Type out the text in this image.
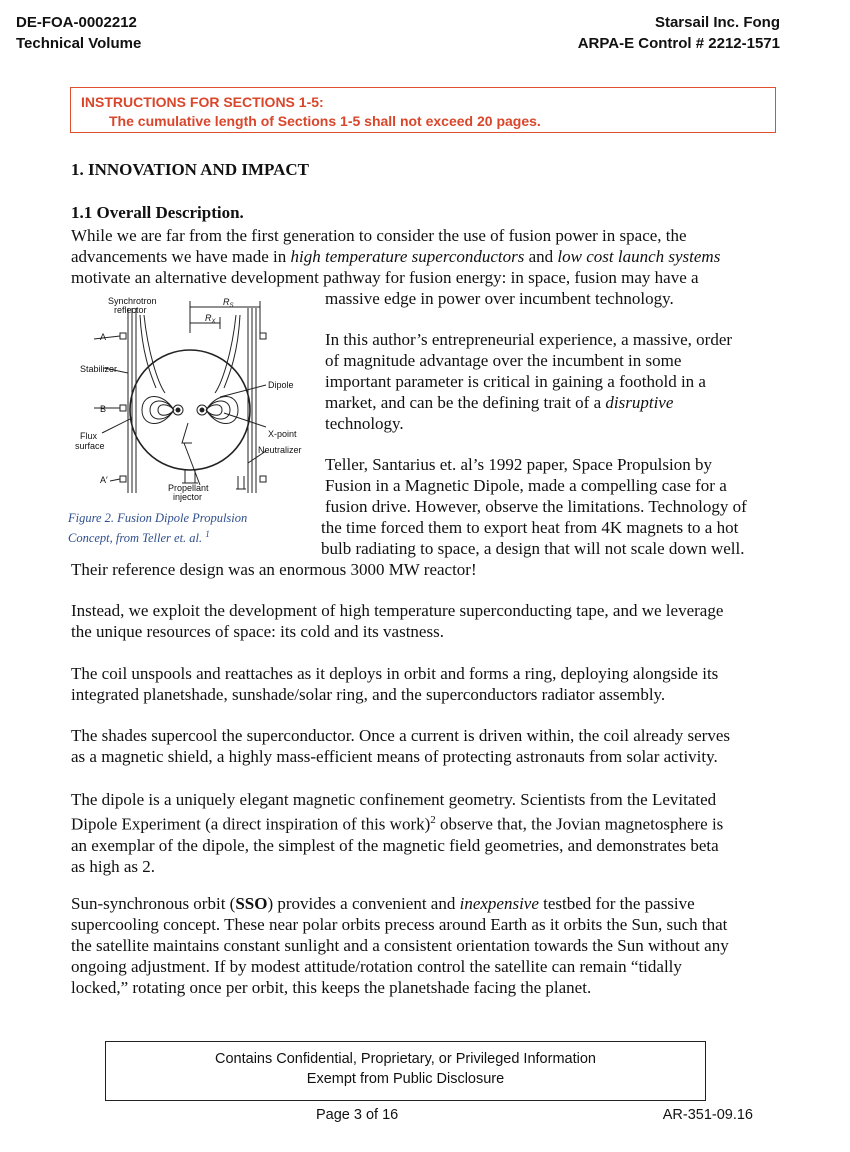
DE-FOA-0002212
Technical Volume
Starsail Inc. Fong
ARPA-E Control # 2212-1571
INSTRUCTIONS FOR SECTIONS 1-5:
The cumulative length of Sections 1-5 shall not exceed 20 pages.
1. INNOVATION AND IMPACT
1.1 Overall Description.
While we are far from the first generation to consider the use of fusion power in space, the
advancements we have made in high temperature superconductors and low cost launch systems
motivate an alternative development pathway for fusion energy: in space, fusion may have a
massive edge in power over incumbent technology.
In this author’s entrepreneurial experience, a massive, order
of magnitude advantage over the incumbent in some
important parameter is critical in gaining a foothold in a
market, and can be the defining trait of a disruptive
technology.
Teller, Santarius et. al’s 1992 paper, Space Propulsion by
Fusion in a Magnetic Dipole, made a compelling case for a
fusion drive. However, observe the limitations. Technology of
the time forced them to export heat from 4K magnets to a hot
bulb radiating to space, a design that will not scale down well.
Their reference design was an enormous 3000 MW reactor!
Synchrotron
reflector
$R_S$
$R_X$
A
Stabilizer
B
Flux
surface
A′
Dipole
X-point
Neutralizer
Propellant
injector
Figure 2. Fusion Dipole Propulsion
Concept, from Teller et. al. $^1$
Instead, we exploit the development of high temperature superconducting tape, and we leverage
the unique resources of space: its cold and its vastness.
The coil unspools and reattaches as it deploys in orbit and forms a ring, deploying alongside its
integrated planetshade, sunshade/solar ring, and the superconductors radiator assembly.
The shades supercool the superconductor. Once a current is driven within, the coil already serves
as a magnetic shield, a highly mass-efficient means of protecting astronauts from solar activity.
The dipole is a uniquely elegant magnetic confinement geometry. Scientists from the Levitated
Dipole Experiment (a direct inspiration of this work)$^2$ observe that, the Jovian magnetosphere is
an exemplar of the dipole, the simplest of the magnetic field geometries, and demonstrates beta
as high as 2.
Sun-synchronous orbit (SSO) provides a convenient and inexpensive testbed for the passive
supercooling concept. These near polar orbits precess around Earth as it orbits the Sun, such that
the satellite maintains constant sunlight and a consistent orientation towards the Sun without any
ongoing adjustment. If by modest attitude/rotation control the satellite can remain “tidally
locked,” rotating once per orbit, this keeps the planetshade facing the planet.
Contains Confidential, Proprietary, or Privileged Information
Exempt from Public Disclosure
Page 3 of 16	AR-351-09.16
